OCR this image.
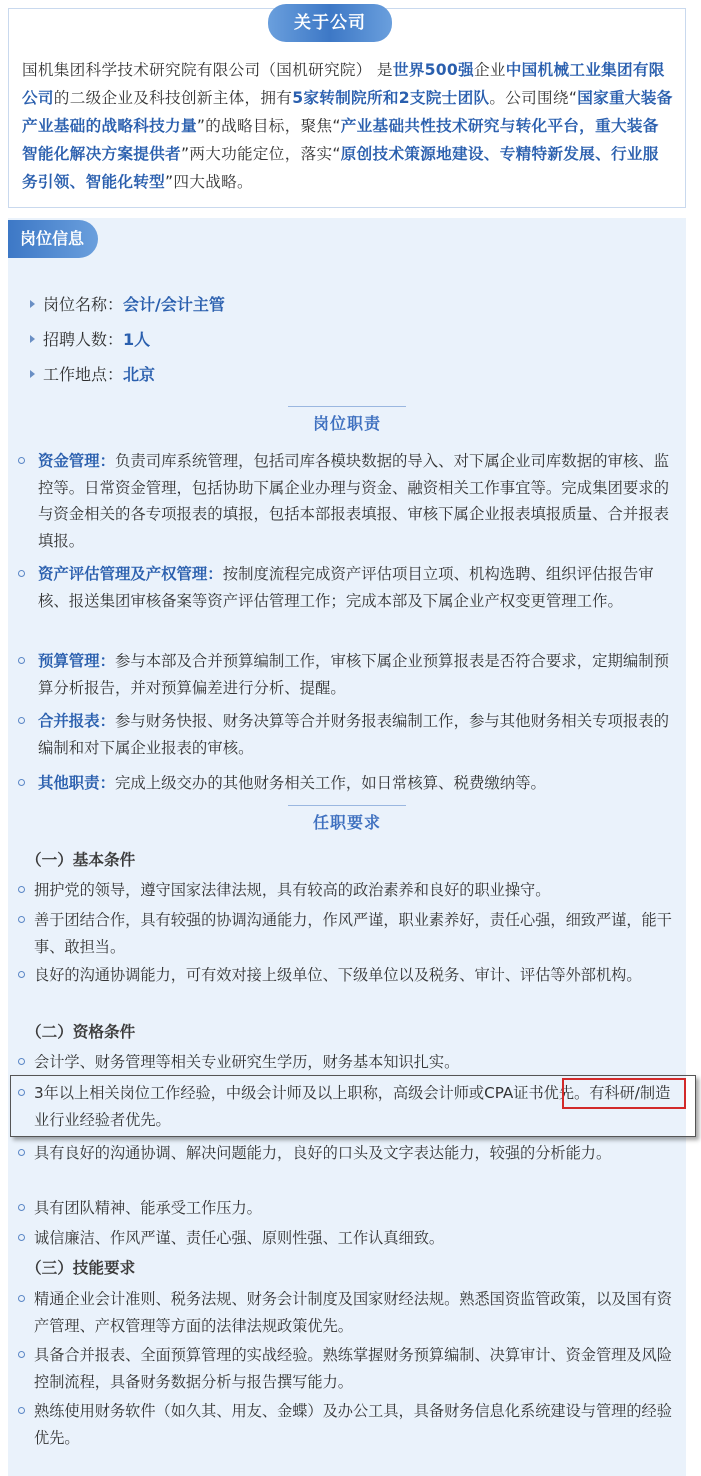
关于公司
国机集团科学技术研究院有限公司（国机研究院） 是世界500强企业中国机械工业集团有限公司的二级企业及科技创新主体，拥有5家转制院所和2支院士团队。公司围绕“国家重大装备产业基础的战略科技力量”的战略目标，聚焦“产业基础共性技术研究与转化平台，重大装备智能化解决方案提供者”两大功能定位，落实“原创技术策源地建设、专精特新发展、行业服务引领、智能化转型”四大战略。
岗位信息
岗位名称：会计/会计主管
招聘人数：1人
工作地点：北京
岗位职责
资金管理：负责司库系统管理，包括司库各模块数据的导入、对下属企业司库数据的审核、监控等。日常资金管理，包括协助下属企业办理与资金、融资相关工作事宜等。完成集团要求的与资金相关的各专项报表的填报，包括本部报表填报、审核下属企业报表填报质量、合并报表填报。
资产评估管理及产权管理：按制度流程完成资产评估项目立项、机构选聘、组织评估报告审核、报送集团审核备案等资产评估管理工作；完成本部及下属企业产权变更管理工作。
预算管理：参与本部及合并预算编制工作，审核下属企业预算报表是否符合要求，定期编制预算分析报告，并对预算偏差进行分析、提醒。
合并报表：参与财务快报、财务决算等合并财务报表编制工作，参与其他财务相关专项报表的编制和对下属企业报表的审核。
其他职责：完成上级交办的其他财务相关工作，如日常核算、税费缴纳等。
任职要求
（一）基本条件
拥护党的领导，遵守国家法律法规，具有较高的政治素养和良好的职业操守。
善于团结合作，具有较强的协调沟通能力，作风严谨，职业素养好，责任心强，细致严谨，能干事、敢担当。
良好的沟通协调能力，可有效对接上级单位、下级单位以及税务、审计、评估等外部机构。
（二）资格条件
会计学、财务管理等相关专业研究生学历，财务基本知识扎实。
3年以上相关岗位工作经验，中级会计师及以上职称，高级会计师或CPA证书优先。有科研/制造业行业经验者优先。
具有良好的沟通协调、解决问题能力，良好的口头及文字表达能力，较强的分析能力。
具有团队精神、能承受工作压力。
诚信廉洁、作风严谨、责任心强、原则性强、工作认真细致。
（三）技能要求
精通企业会计准则、税务法规、财务会计制度及国家财经法规。熟悉国资监管政策，以及国有资产管理、产权管理等方面的法律法规政策优先。
具备合并报表、全面预算管理的实战经验。熟练掌握财务预算编制、决算审计、资金管理及风险控制流程，具备财务数据分析与报告撰写能力。
熟练使用财务软件（如久其、用友、金蝶）及办公工具，具备财务信息化系统建设与管理的经验优先。
